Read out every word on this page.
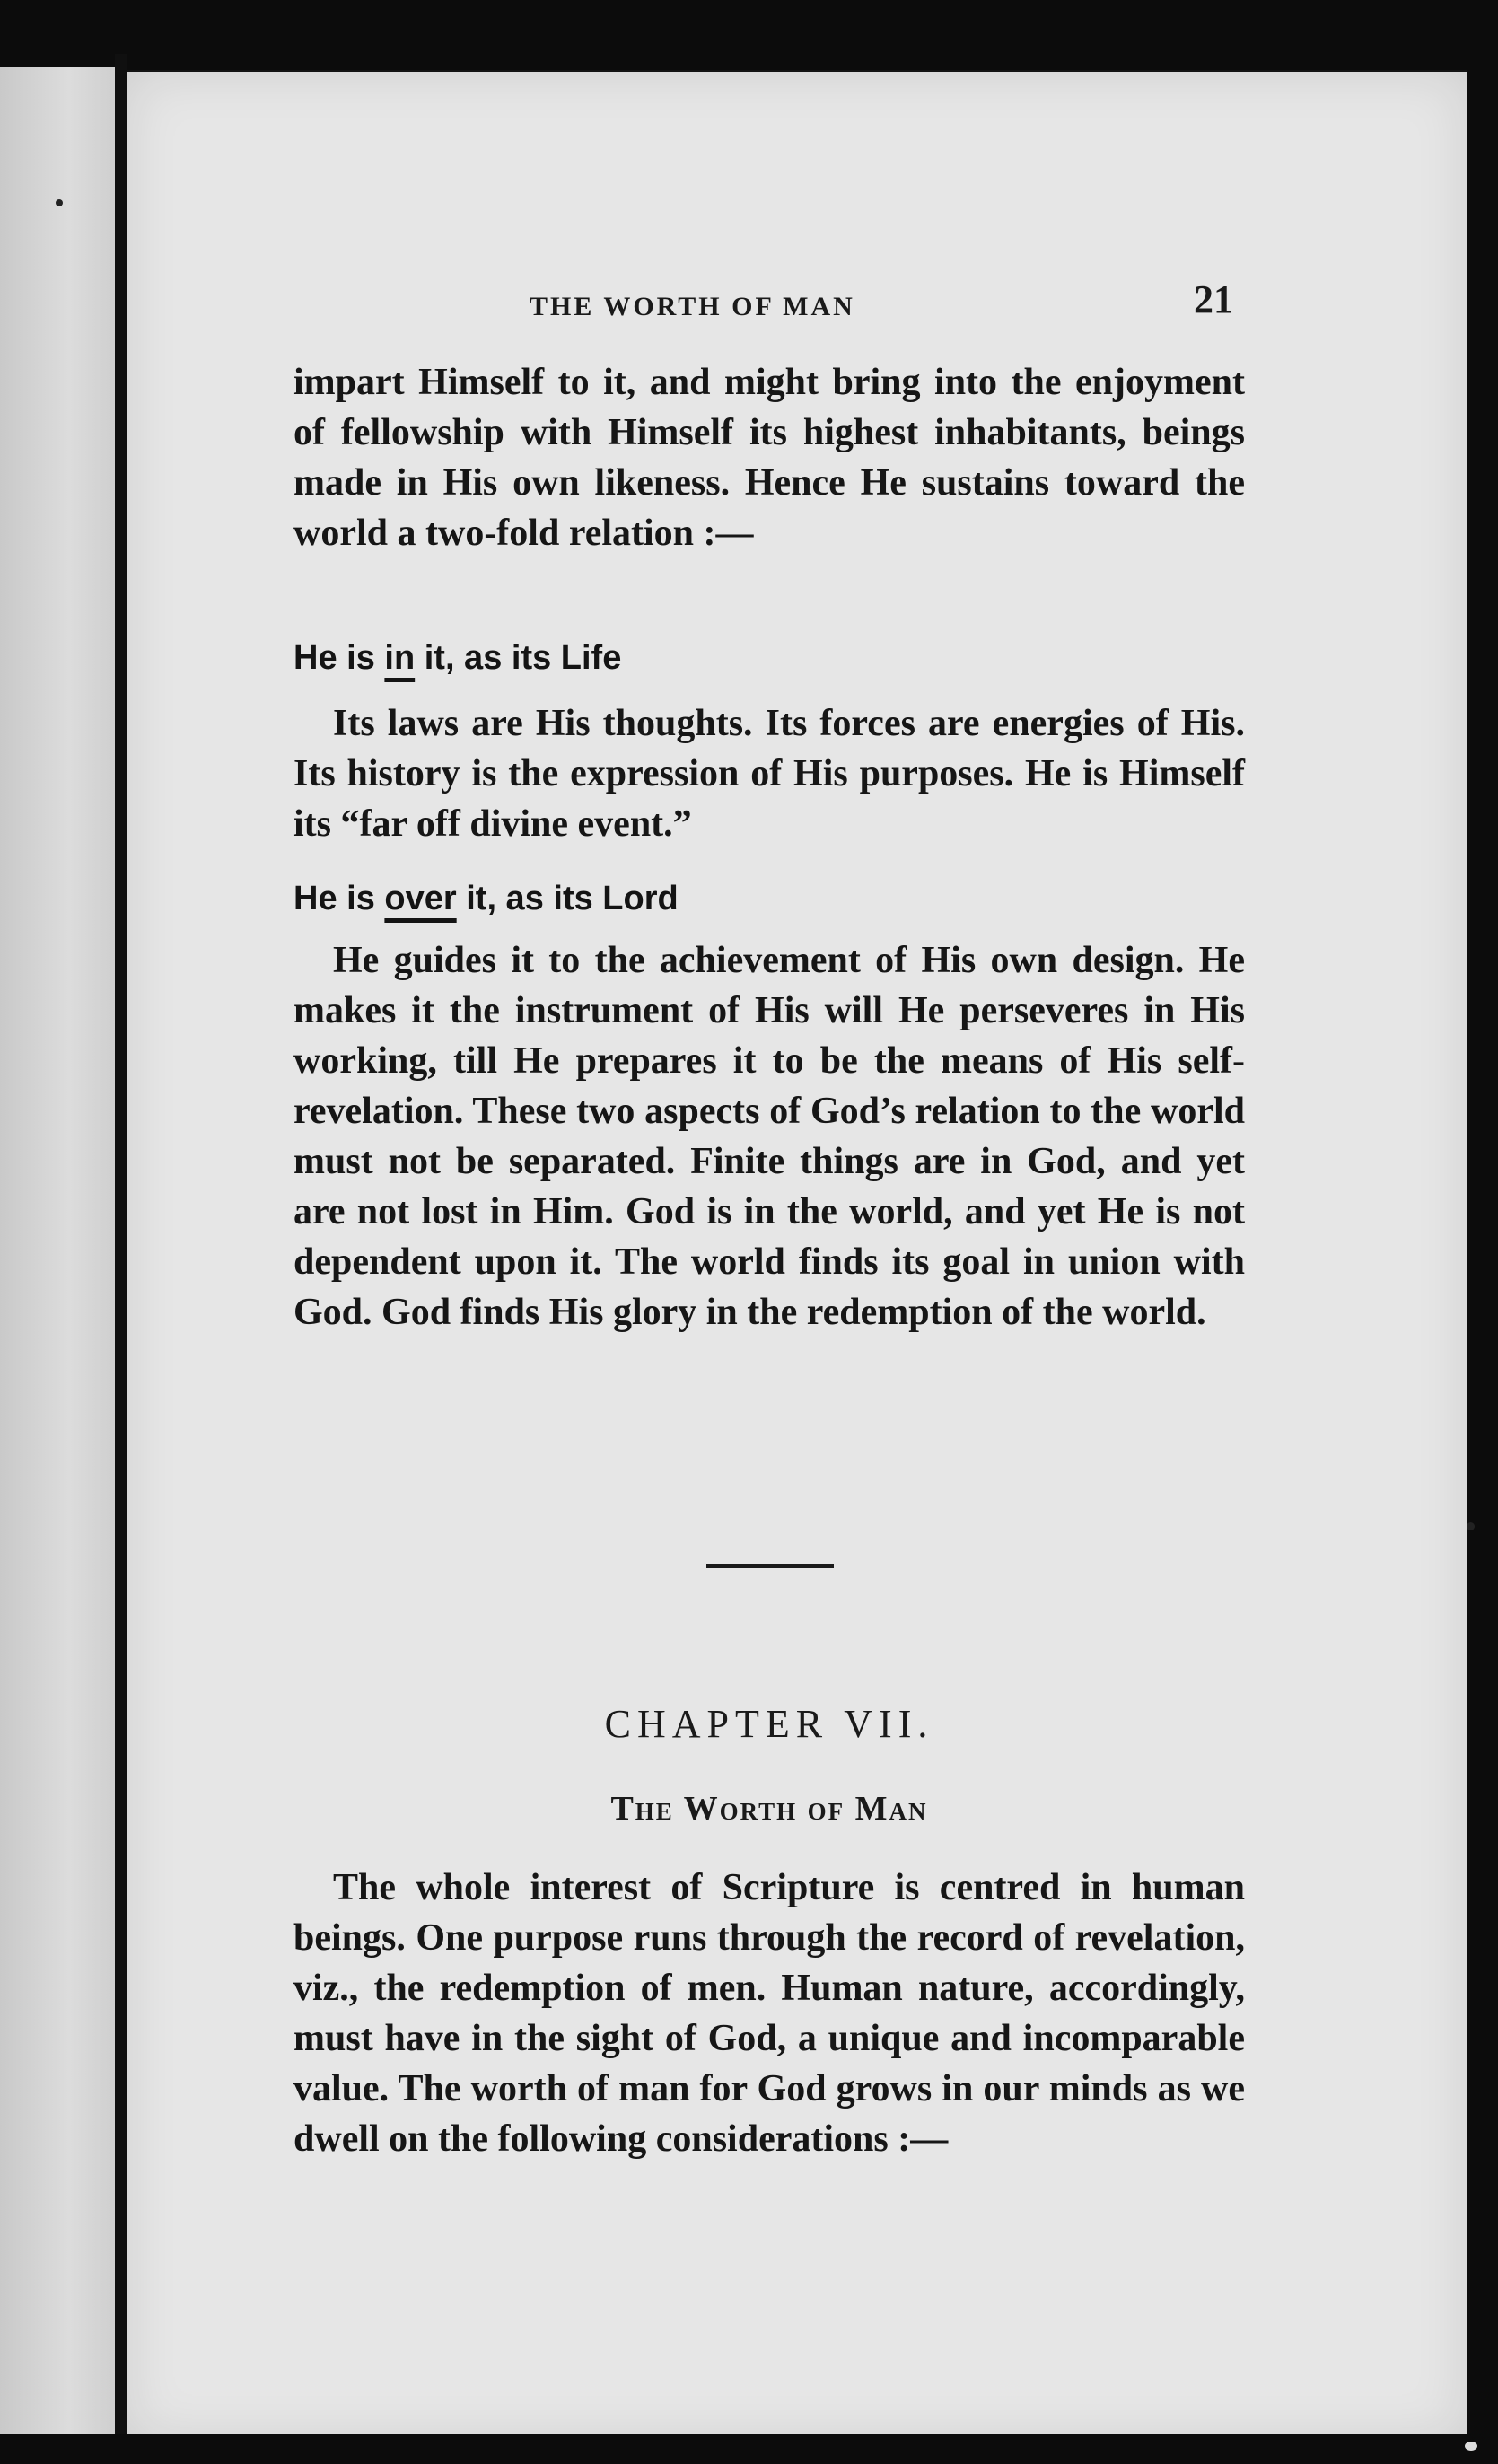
THE WORTH OF MAN	21

impart Himself to it, and might bring into the enjoyment of fellowship with Himself its highest inhabitants, beings made in His own likeness. Hence He sustains toward the world a two-fold relation :—

He is in it, as its Life

Its laws are His thoughts. Its forces are energies of His. Its history is the expression of His purposes. He is Himself its “far off divine event.”

He is over it, as its Lord

He guides it to the achievement of His own design. He makes it the instrument of His will He perseveres in His working, till He prepares it to be the means of His self-revelation. These two aspects of God’s relation to the world must not be separated. Finite things are in God, and yet are not lost in Him. God is in the world, and yet He is not dependent upon it. The world finds its goal in union with God. God finds His glory in the redemption of the world.

CHAPTER VII.
The Worth of Man

The whole interest of Scripture is centred in human beings. One purpose runs through the record of revelation, viz., the redemption of men. Human nature, accordingly, must have in the sight of God, a unique and incomparable value. The worth of man for God grows in our minds as we dwell on the following considerations :—
